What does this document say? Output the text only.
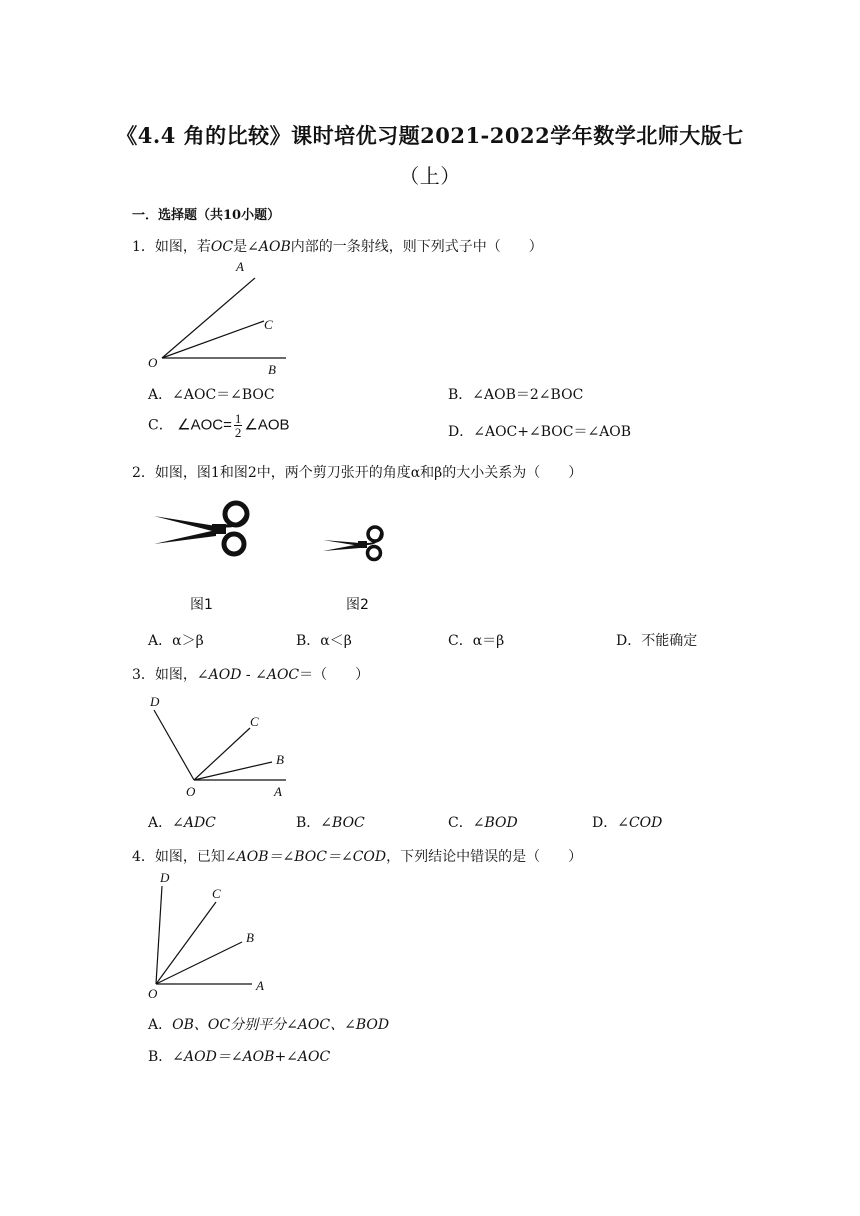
《4.4 角的比较》课时培优习题2021-2022学年数学北师大版七
（上）
一．选择题（共10小题）
1．如图，若OC是∠AOB内部的一条射线，则下列式子中（　　）
A
C
O	B
A．∠AOC＝∠BOC	B．∠AOB＝2∠BOC
C． ∠AOC= $\frac{1}{2}$ ∠AOB	D．∠AOC+∠BOC＝∠AOB
2．如图，图1和图2中，两个剪刀张开的角度α和β的大小关系为（　　）
图1	图2
A．α＞β	B．α＜β	C．α＝β	D．不能确定
3．如图，∠AOD - ∠AOC＝（　　）
D
C
B
O	A
A．∠ADC	B．∠BOC	C．∠BOD	D．∠COD
4．如图，已知∠AOB＝∠BOC＝∠COD，下列结论中错误的是（　　）
D
C
B
O
A
A．OB、OC分别平分∠AOC、∠BOD
B．∠AOD＝∠AOB+∠AOC
